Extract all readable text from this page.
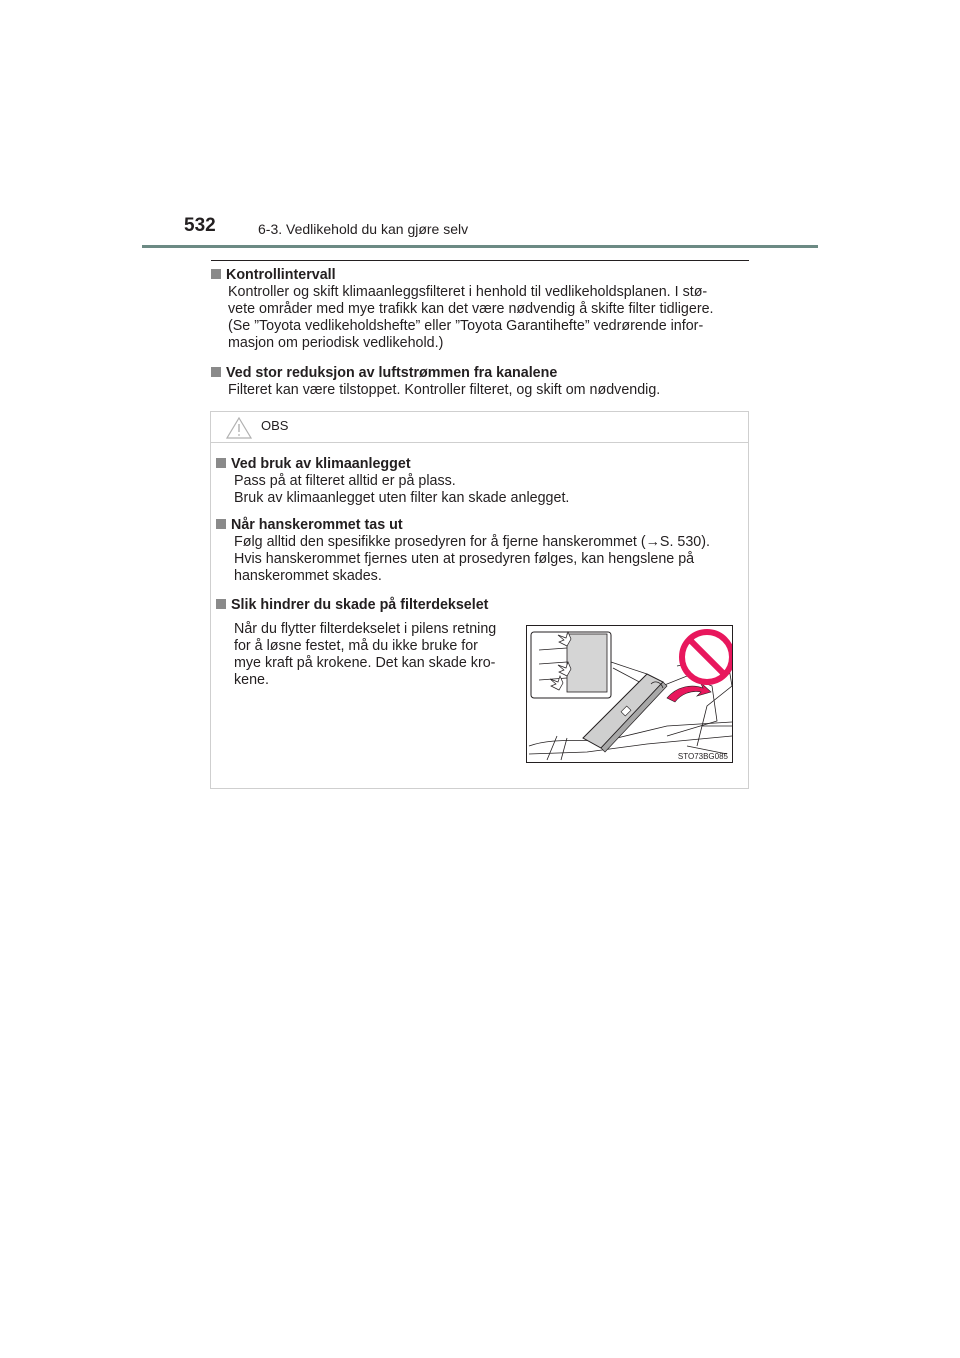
532	6-3. Vedlikehold du kan gjøre selv
Kontrollintervall

Kontroller og skift klimaanleggsfilteret i henhold til vedlikeholdsplanen. I stø-

vete områder med mye trafikk kan det være nødvendig å skifte filter tidligere.

(Se ”Toyota vedlikeholdshefte” eller ”Toyota Garantihefte” vedrørende infor-

masjon om periodisk vedlikehold.)

Ved stor reduksjon av luftstrømmen fra kanalene

Filteret kan være tilstoppet. Kontroller filteret, og skift om nødvendig.

OBS
Ved bruk av klimaanlegget

Pass på at filteret alltid er på plass.

Bruk av klimaanlegget uten filter kan skade anlegget.

Når hanskerommet tas ut

Følg alltid den spesifikke prosedyren for å fjerne hanskerommet (→S. 530).

Hvis hanskerommet fjernes uten at prosedyren følges, kan hengslene på

hanskerommet skades.

Slik hindrer du skade på filterdekselet

Når du flytter filterdekselet i pilens retning

for å løsne festet, må du ikke bruke for

mye kraft på krokene. Det kan skade kro-

kene.

STO73BG085
